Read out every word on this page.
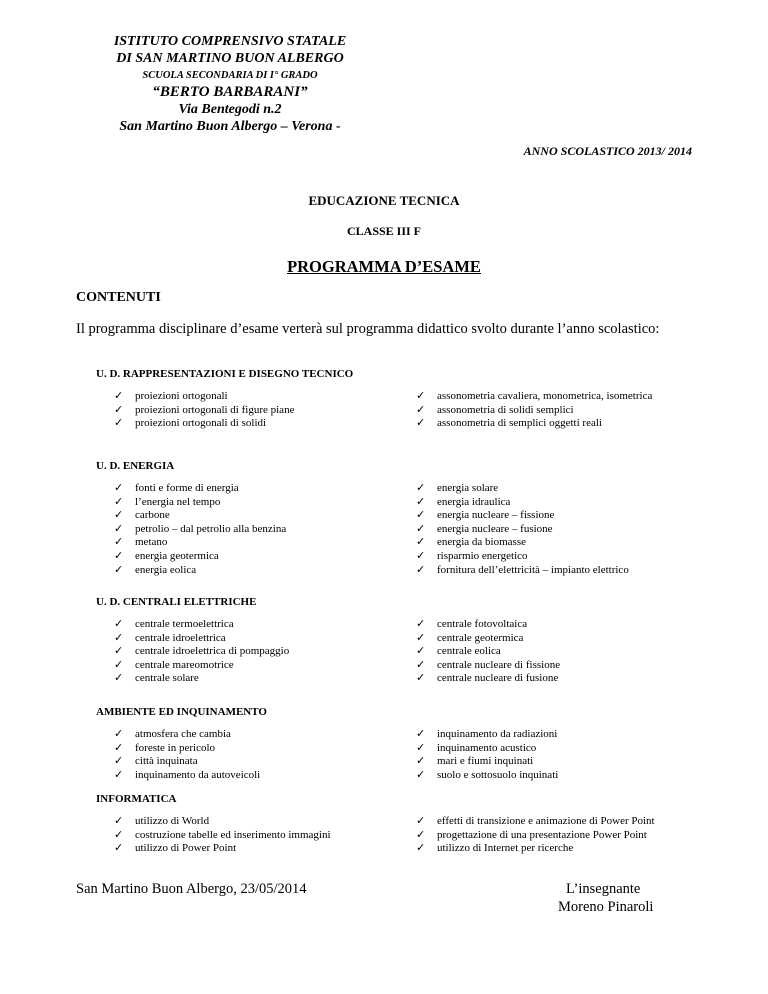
ISTITUTO COMPRENSIVO STATALE
DI SAN MARTINO BUON ALBERGO
SCUOLA SECONDARIA DI I° GRADO
“BERTO BARBARANI”
Via Bentegodi n.2
San Martino Buon Albergo – Verona -
ANNO SCOLASTICO 2013/ 2014
EDUCAZIONE TECNICA
CLASSE III F
PROGRAMMA D’ESAME
CONTENUTI
Il programma disciplinare d’esame verterà sul programma didattico svolto durante l’anno scolastico:
U. D. RAPPRESENTAZIONI E DISEGNO TECNICO
✓ proiezioni ortogonali
✓ proiezioni ortogonali di figure piane
✓ proiezioni ortogonali di solidi
✓ assonometria cavaliera, monometrica, isometrica
✓ assonometria di solidi semplici
✓ assonometria di semplici oggetti reali
U. D. ENERGIA
✓ fonti e forme di energia
✓ l’energia nel tempo
✓ carbone
✓ petrolio – dal petrolio alla benzina
✓ metano
✓ energia geotermica
✓ energia eolica
✓ energia solare
✓ energia idraulica
✓ energia nucleare – fissione
✓ energia nucleare – fusione
✓ energia da biomasse
✓ risparmio energetico
✓ fornitura dell’elettricità – impianto elettrico
U. D. CENTRALI ELETTRICHE
✓ centrale termoelettrica
✓ centrale idroelettrica
✓ centrale idroelettrica di pompaggio
✓ centrale mareomotrice
✓ centrale solare
✓ centrale fotovoltaica
✓ centrale geotermica
✓ centrale eolica
✓ centrale nucleare di fissione
✓ centrale nucleare di fusione
AMBIENTE ED INQUINAMENTO
✓ atmosfera che cambia
✓ foreste in pericolo
✓ città inquinata
✓ inquinamento da autoveicoli
✓ inquinamento da radiazioni
✓ inquinamento acustico
✓ mari e fiumi inquinati
✓ suolo e sottosuolo inquinati
INFORMATICA
✓ utilizzo di World
✓ costruzione tabelle ed inserimento immagini
✓ utilizzo di Power Point
✓ effetti di transizione e animazione di Power Point
✓ progettazione di una presentazione Power Point
✓ utilizzo di Internet per ricerche
San Martino Buon Albergo, 23/05/2014	L’insegnante
Moreno Pinaroli
